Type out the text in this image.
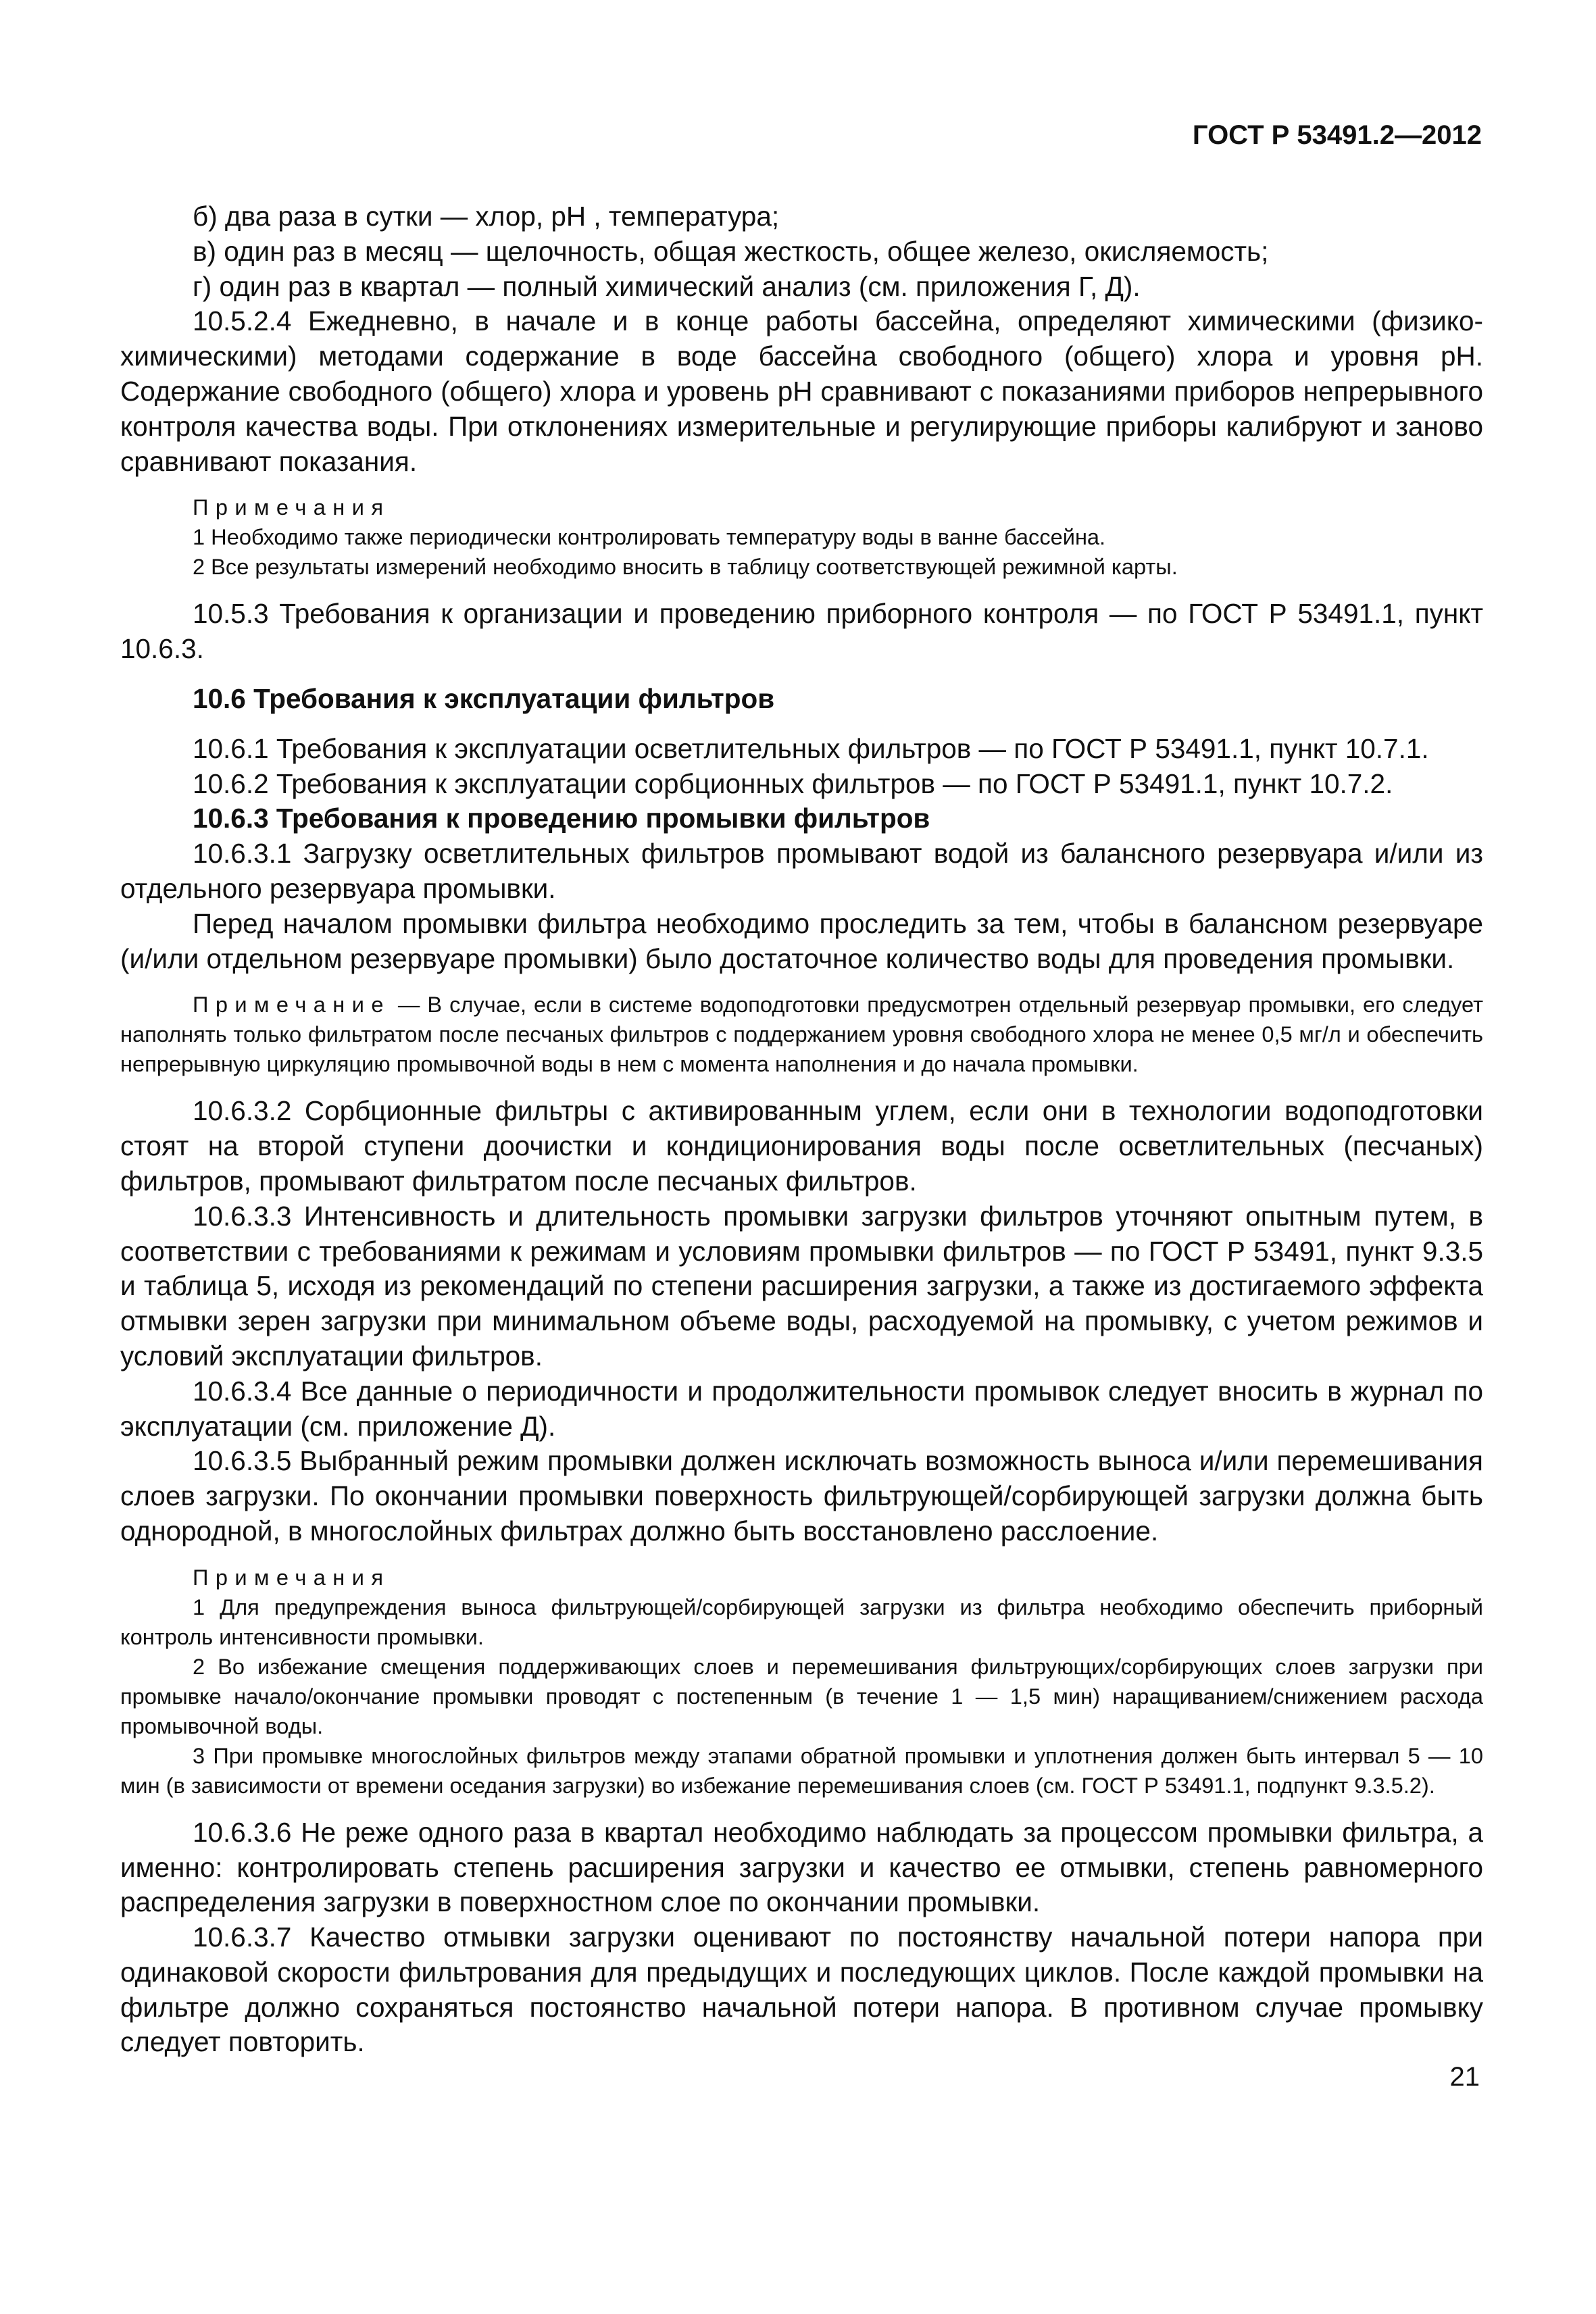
ГОСТ Р 53491.2—2012

б) два раза в сутки — хлор, рН , температура;

в) один раз в месяц — щелочность, общая жесткость, общее железо, окисляемость;

г) один раз в квартал — полный химический анализ (см. приложения Г, Д).

10.5.2.4 Ежедневно, в начале и в конце работы бассейна, определяют химическими (физико-химическими) методами содержание в воде бассейна свободного (общего) хлора и уровня рН. Содержание свободного (общего) хлора и уровень рН сравнивают с показаниями приборов непрерывного контроля качества воды. При отклонениях измерительные и регулирующие приборы калибруют и заново сравнивают показания.

Примечания

1 Необходимо также периодически контролировать температуру воды в ванне бассейна.

2 Все результаты измерений необходимо вносить в таблицу соответствующей режимной карты.

10.5.3 Требования к организации и проведению приборного контроля — по ГОСТ Р 53491.1, пункт 10.6.3.

10.6 Требования к эксплуатации фильтров

10.6.1 Требования к эксплуатации осветлительных фильтров — по ГОСТ Р 53491.1, пункт 10.7.1.

10.6.2 Требования к эксплуатации сорбционных фильтров — по ГОСТ Р 53491.1, пункт 10.7.2.

10.6.3 Требования к проведению промывки фильтров

10.6.3.1 Загрузку осветлительных фильтров промывают водой из балансного резервуара и/или из отдельного резервуара промывки.

Перед началом промывки фильтра необходимо проследить за тем, чтобы в балансном резервуаре (и/или отдельном резервуаре промывки) было достаточное количество воды для проведения промывки.

Примечание — В случае, если в системе водоподготовки предусмотрен отдельный резервуар промывки, его следует наполнять только фильтратом после песчаных фильтров с поддержанием уровня свободного хлора не менее 0,5 мг/л и обеспечить непрерывную циркуляцию промывочной воды в нем с момента наполнения и до начала промывки.

10.6.3.2 Сорбционные фильтры с активированным углем, если они в технологии водоподготовки стоят на второй ступени доочистки и кондиционирования воды после осветлительных (песчаных) фильтров, промывают фильтратом после песчаных фильтров.

10.6.3.3 Интенсивность и длительность промывки загрузки фильтров уточняют опытным путем, в соответствии с требованиями к режимам и условиям промывки фильтров — по ГОСТ Р 53491, пункт 9.3.5 и таблица 5, исходя из рекомендаций по степени расширения загрузки, а также из достигаемого эффекта отмывки зерен загрузки при минимальном объеме воды, расходуемой на промывку, с учетом режимов и условий эксплуатации фильтров.

10.6.3.4 Все данные о периодичности и продолжительности промывок следует вносить в журнал по эксплуатации (см. приложение Д).

10.6.3.5 Выбранный режим промывки должен исключать возможность выноса и/или перемешивания слоев загрузки. По окончании промывки поверхность фильтрующей/сорбирующей загрузки должна быть однородной, в многослойных фильтрах должно быть восстановлено расслоение.

Примечания

1 Для предупреждения выноса фильтрующей/сорбирующей загрузки из фильтра необходимо обеспечить приборный контроль интенсивности промывки.

2 Во избежание смещения поддерживающих слоев и перемешивания фильтрующих/сорбирующих слоев загрузки при промывке начало/окончание промывки проводят с постепенным (в течение 1 — 1,5 мин) наращиванием/снижением расхода промывочной воды.

3 При промывке многослойных фильтров между этапами обратной промывки и уплотнения должен быть интервал 5 — 10 мин (в зависимости от времени оседания загрузки) во избежание перемешивания слоев (см. ГОСТ Р 53491.1, подпункт 9.3.5.2).

10.6.3.6 Не реже одного раза в квартал необходимо наблюдать за процессом промывки фильтра, а именно: контролировать степень расширения загрузки и качество ее отмывки, степень равномерного распределения загрузки в поверхностном слое по окончании промывки.

10.6.3.7 Качество отмывки загрузки оценивают по постоянству начальной потери напора при одинаковой скорости фильтрования для предыдущих и последующих циклов. После каждой промывки на фильтре должно сохраняться постоянство начальной потери напора. В противном случае промывку следует повторить.

21
